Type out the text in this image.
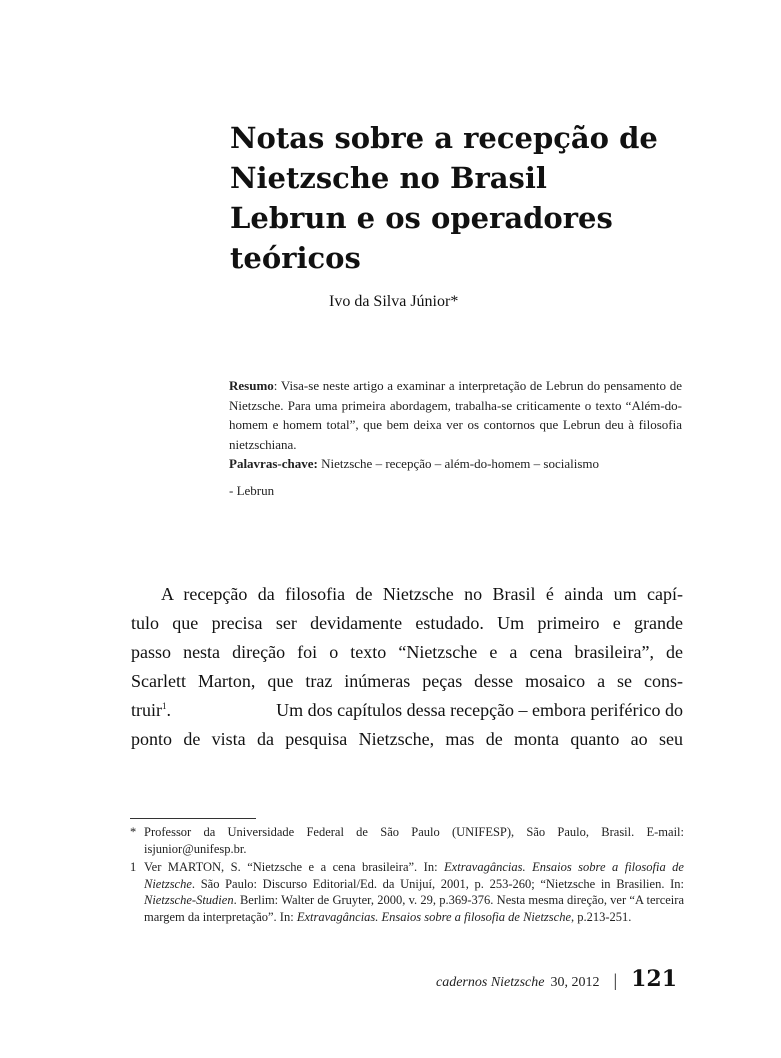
Notas sobre a recepção de
Nietzsche no Brasil
Lebrun e os operadores
teóricos
Ivo da Silva Júnior*
Resumo: Visa-se neste artigo a examinar a interpretação de Lebrun do pensamento de Nietzsche. Para uma primeira abordagem, trabalha-se criticamente o texto “Além-do-homem e homem total”, que bem deixa ver os contornos que Lebrun deu à filosofia nietzschiana.
Palavras-chave: Nietzsche – recepção – além-do-homem – socialismo
- Lebrun
A recepção da filosofia de Nietzsche no Brasil é ainda um capí-
tulo que precisa ser devidamente estudado. Um primeiro e grande
passo nesta direção foi o texto “Nietzsche e a cena brasileira”, de
Scarlett Marton, que traz inúmeras peças desse mosaico a se cons-
truir$^1$.	Um dos capítulos dessa recepção – embora periférico do
ponto de vista da pesquisa Nietzsche, mas de monta quanto ao seu
* Professor da Universidade Federal de São Paulo (UNIFESP), São Paulo, Brasil. E-mail: isjunior@unifesp.br.
1 Ver MARTON, S. “Nietzsche e a cena brasileira”. In: Extravagâncias. Ensaios sobre a filosofia de Nietzsche. São Paulo: Discurso Editorial/Ed. da Unijuí, 2001, p. 253-260; “Nietzsche in Brasilien. In: Nietzsche-Studien. Berlim: Walter de Gruyter, 2000, v. 29, p.369-376. Nesta mesma direção, ver “A terceira margem da interpretação”. In: Extravagâncias. Ensaios sobre a filosofia de Nietzsche, p.213-251.
cadernos Nietzsche 30, 2012 | 121
